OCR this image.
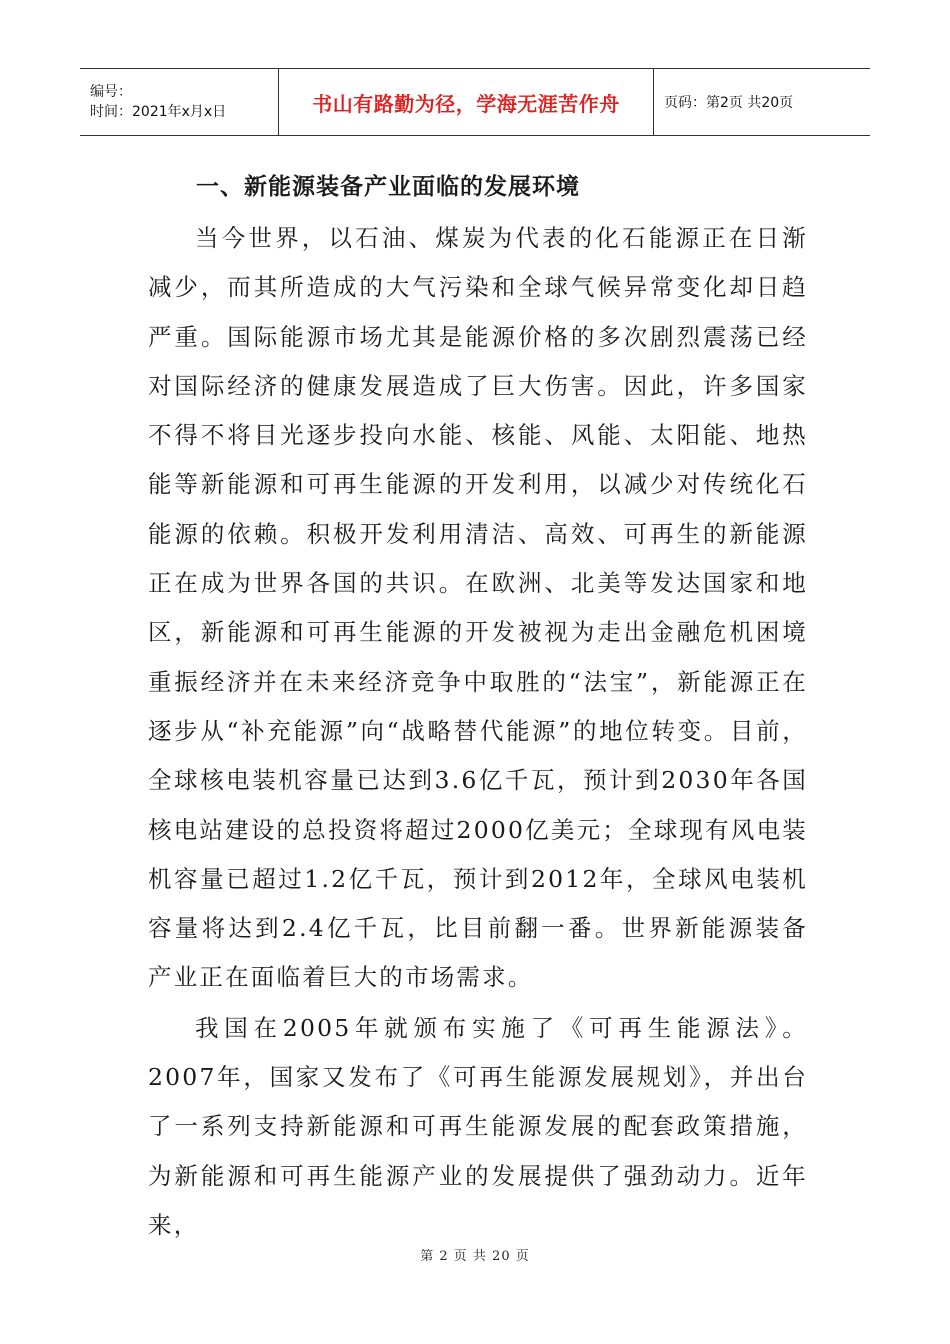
编号：
时间：2021年x月x日	书山有路勤为径，学海无涯苦作舟	页码：第2页 共20页
一、新能源装备产业面临的发展环境

当今世界，以石油、煤炭为代表的化石能源正在日渐减少，而其所造成的大气污染和全球气候异常变化却日趋严重。国际能源市场尤其是能源价格的多次剧烈震荡已经对国际经济的健康发展造成了巨大伤害。因此，许多国家不得不将目光逐步投向水能、核能、风能、太阳能、地热能等新能源和可再生能源的开发利用，以减少对传统化石能源的依赖。积极开发利用清洁、高效、可再生的新能源正在成为世界各国的共识。在欧洲、北美等发达国家和地区，新能源和可再生能源的开发被视为走出金融危机困境重振经济并在未来经济竞争中取胜的“法宝”，新能源正在逐步从“补充能源”向“战略替代能源”的地位转变。目前，全球核电装机容量已达到3.6亿千瓦，预计到2030年各国核电站建设的总投资将超过2000亿美元；全球现有风电装机容量已超过1.2亿千瓦，预计到2012年，全球风电装机容量将达到2.4亿千瓦，比目前翻一番。世界新能源装备产业正在面临着巨大的市场需求。

我国在2005年就颁布实施了《可再生能源法》。2007年，国家又发布了《可再生能源发展规划》，并出台了一系列支持新能源和可再生能源发展的配套政策措施，为新能源和可再生能源产业的发展提供了强劲动力。近年来，

第 2 页 共 20 页
